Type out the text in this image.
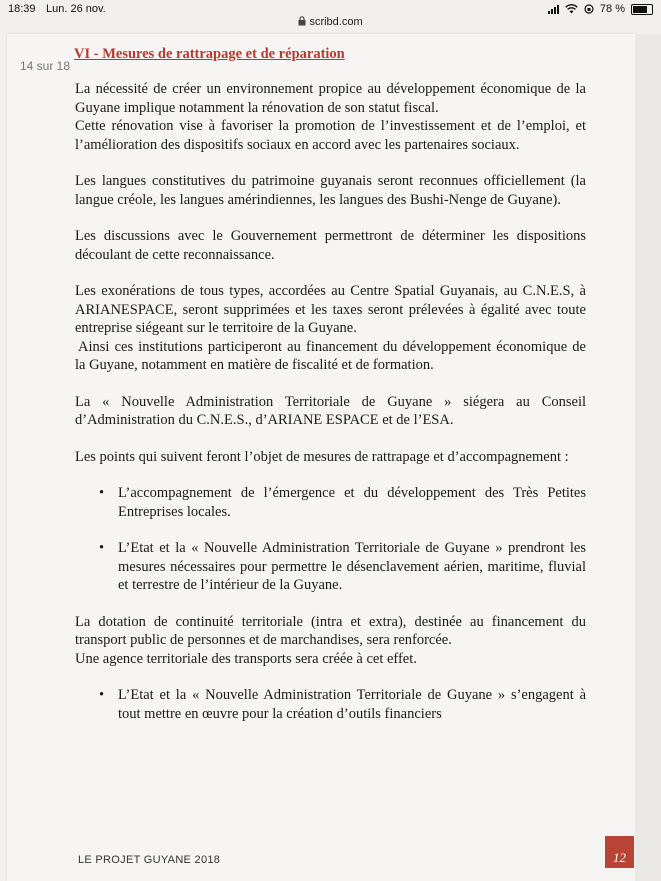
18:39 Lun. 26 nov.	78 %
scribd.com
VI - Mesures de rattrapage et de réparation
14 sur 18

La nécessité de créer un environnement propice au développement économique de la Guyane implique notamment la rénovation de son statut fiscal.

Cette rénovation vise à favoriser la promotion de l’investissement et de l’emploi, et l’amélioration des dispositifs sociaux en accord avec les partenaires sociaux.

Les langues constitutives du patrimoine guyanais seront reconnues officiellement (la langue créole, les langues amérindiennes, les langues des Bushi-Nenge de Guyane).

Les discussions avec le Gouvernement permettront de déterminer les dispositions découlant de cette reconnaissance.

Les exonérations de tous types, accordées au Centre Spatial Guyanais, au C.N.E.S, à ARIANESPACE, seront supprimées et les taxes seront prélevées à égalité avec toute entreprise siégeant sur le territoire de la Guyane.

Ainsi ces institutions participeront au financement du développement économique de la Guyane, notamment en matière de fiscalité et de formation.

La « Nouvelle Administration Territoriale de Guyane » siégera au Conseil d’Administration du C.N.E.S., d’ARIANE ESPACE et de l’ESA.

Les points qui suivent feront l’objet de mesures de rattrapage et d’accompagnement :

• L’accompagnement de l’émergence et du développement des Très Petites Entreprises locales.
• L’Etat et la « Nouvelle Administration Territoriale de Guyane » prendront les mesures nécessaires pour permettre le désenclavement aérien, maritime, fluvial et terrestre de l’intérieur de la Guyane.

La dotation de continuité territoriale (intra et extra), destinée au financement du transport public de personnes et de marchandises, sera renforcée.

Une agence territoriale des transports sera créée à cet effet.

• L’Etat et la « Nouvelle Administration Territoriale de Guyane » s’engagent à tout mettre en œuvre pour la création d’outils financiers
LE PROJET GUYANE 2018	12
